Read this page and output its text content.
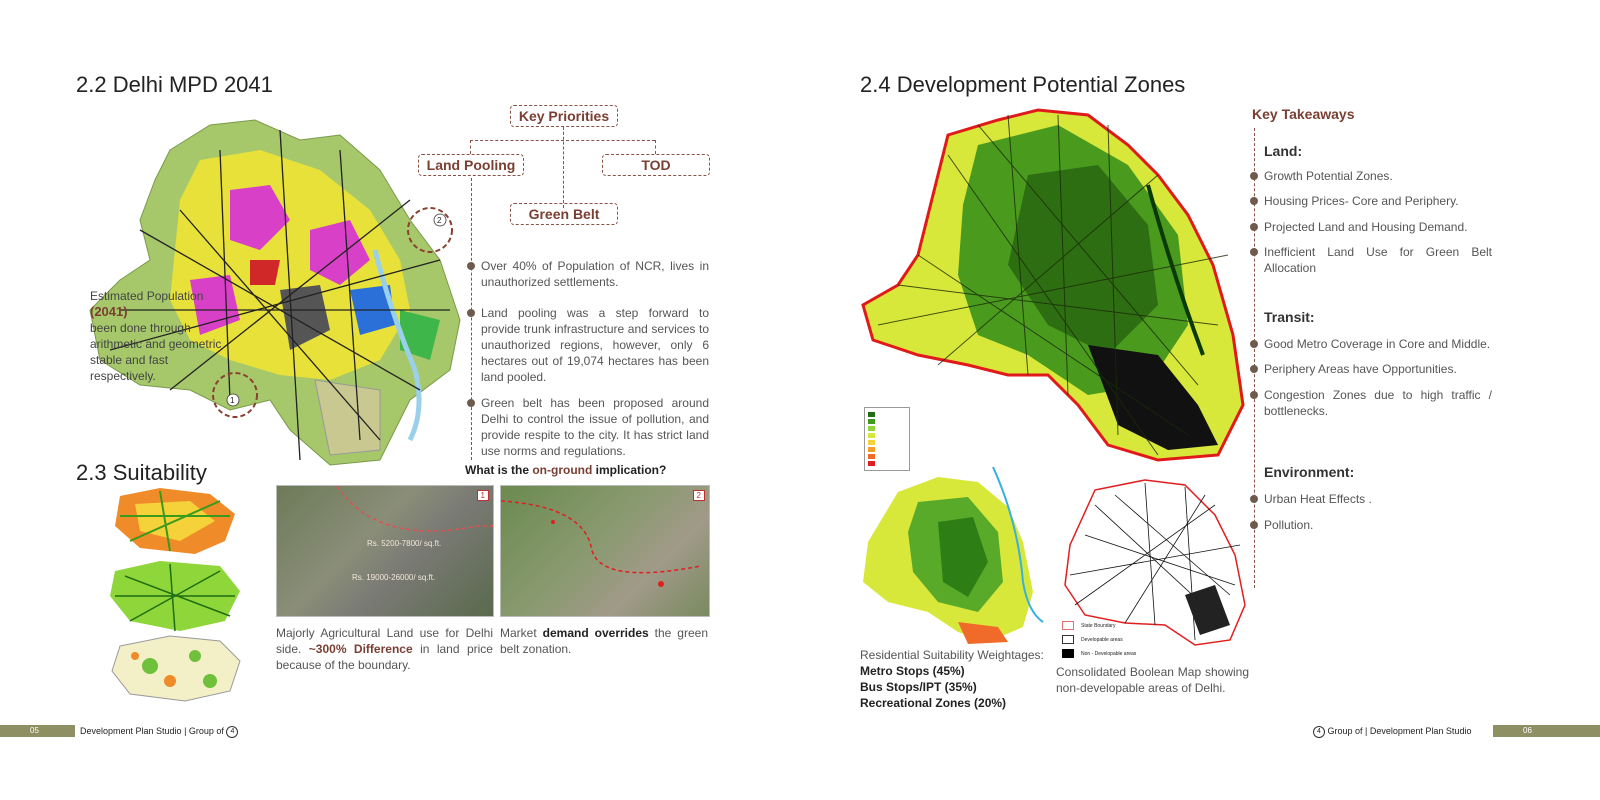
2.2 Delhi MPD 2041
1
2
Estimated Population
(2041)
been done through
arithmetic and geometric
stable and fast
respectively.
Key Priorities
Land Pooling	TOD
Green Belt
Over 40% of Population of NCR, lives in unauthorized settlements.
Land pooling was a step forward to provide trunk infrastructure and services to unauthorized regions, however, only 6 hectares out of 19,074 hectares has been land pooled.
Green belt has been proposed around Delhi to control the issue of pollution, and provide respite to the city. It has strict land use norms and regulations.
2.3 Suitability	What is the on-ground implication?
1
Rs. 5200-7800/ sq.ft.
Rs. 19000-26000/ sq.ft.
2
Majorly Agricultural Land use for Delhi side. ~300% Difference in land price because of the boundary.
Market demand overrides the green belt zonation.
05	Development Plan Studio | Group of 4
2.4 Development Potential Zones
State Boundary
Developable areas
Non - Developable areas
Residential Suitability Weightages:
Metro Stops (45%)
Bus Stops/IPT (35%)
Recreational Zones (20%)
Consolidated Boolean Map showing non-developable areas of Delhi.
Key Takeaways
Land:
Growth Potential Zones.
Housing Prices- Core and Periphery.
Projected Land and Housing Demand.
Inefficient Land Use for Green Belt Allocation
Transit:
Good Metro Coverage in Core and Middle.
Periphery Areas have Opportunities.
Congestion Zones due to high traffic / bottlenecks.
Environment:
Urban Heat Effects .
Pollution.
4 Group of | Development Plan Studio	06
